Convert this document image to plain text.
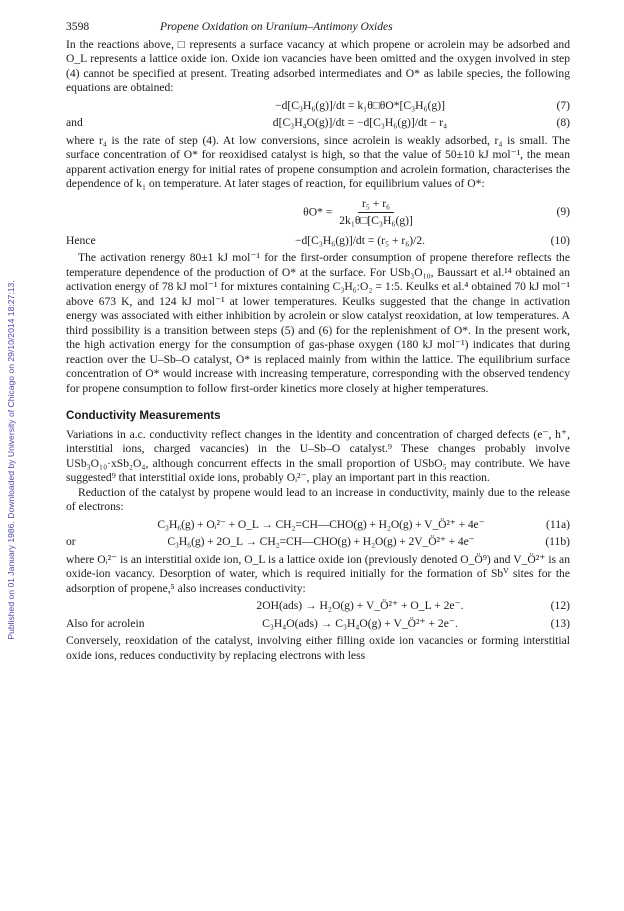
Published on 01 January 1986. Downloaded by University of Chicago on 29/10/2014 18:27:13.
3598	Propene Oxidation on Uranium–Antimony Oxides

In the reactions above, □ represents a surface vacancy at which propene or acrolein may be adsorbed and O_L represents a lattice oxide ion. Oxide ion vacancies have been omitted and the oxygen involved in step (4) cannot be specified at present. Treating adsorbed intermediates and O* as labile species, the following equations are obtained:

−d[C₃H₆(g)]/dt = k₁θ□θO*[C₃H₆(g)]	(7)
and	d[C₃H₄O(g)]/dt = −d[C₃H₆(g)]/dt − r₄	(8)

where r₄ is the rate of step (4). At low conversions, since acrolein is weakly adsorbed, r₄ is small. The surface concentration of O* for reoxidised catalyst is high, so that the value of 50±10 kJ mol⁻¹, the mean apparent activation energy for initial rates of propene consumption and acrolein formation, characterises the dependence of k₁ on temperature. At later stages of reaction, for equilibrium values of O*:

$\theta O* = \frac{\text{r₅ + r₆}}{\text{2k₁θ□[C₃H₆(g)]}}$	(9)
Hence	−d[C₃H₆(g)]/dt = (r₅ + r₆)/2.	(10)

The activation renergy 80±1 kJ mol⁻¹ for the first-order consumption of propene therefore reflects the temperature dependence of the production of O* at the surface. For USb₃O₁₀, Baussart et al.¹⁴ obtained an activation energy of 78 kJ mol⁻¹ for mixtures containing C₃H₆:O₂ = 1:5. Keulks et al.⁴ obtained 70 kJ mol⁻¹ above 673 K, and 124 kJ mol⁻¹ at lower temperatures. Keulks suggested that the change in activation energy was associated with either inhibition by acrolein or slow catalyst reoxidation, at low temperatures. A third possibility is a transition between steps (5) and (6) for the replenishment of O*. In the present work, the high activation energy for the consumption of gas-phase oxygen (180 kJ mol⁻¹) indicates that during reaction over the U–Sb–O catalyst, O* is replaced mainly from within the lattice. The equilibrium surface concentration of O* would increase with increasing temperature, corresponding with the observed tendency for propene consumption to follow first-order kinetics more closely at higher temperatures.

Conductivity Measurements

Variations in a.c. conductivity reflect changes in the identity and concentration of charged defects (e⁻, h⁺, interstitial ions, charged vacancies) in the U–Sb–O catalyst.⁹ These changes probably involve USb₃O₁₀·xSb₂O₄, although concurrent effects in the small proportion of USbO₅ may contribute. We have suggested⁹ that interstitial oxide ions, probably Oᵢ²⁻, play an important part in this reaction.

Reduction of the catalyst by propene would lead to an increase in conductivity, mainly due to the release of electrons:

C₃H₆(g) + Oᵢ²⁻ + O_L → CH₂=CH—CHO(g) + H₂O(g) + V_Ö²⁺ + 4e⁻	(11a)
or	C₃H₆(g) + 2O_L → CH₂=CH—CHO(g) + H₂O(g) + 2V_Ö²⁺ + 4e⁻	(11b)

where Oᵢ²⁻ is an interstitial oxide ion, O_L is a lattice oxide ion (previously denoted O_Ö⁹) and V_Ö²⁺ is an oxide-ion vacancy. Desorption of water, which is required initially for the formation of Sbⱽ sites for the adsorption of propene,⁵ also increases conductivity:

2OH(ads) → H₂O(g) + V_Ö²⁺ + O_L + 2e⁻.	(12)
Also for acrolein	C₃H₄O(ads) → C₃H₄O(g) + V_Ö²⁺ + 2e⁻.	(13)

Conversely, reoxidation of the catalyst, involving either filling oxide ion vacancies or forming interstitial oxide ions, reduces conductivity by replacing electrons with less
